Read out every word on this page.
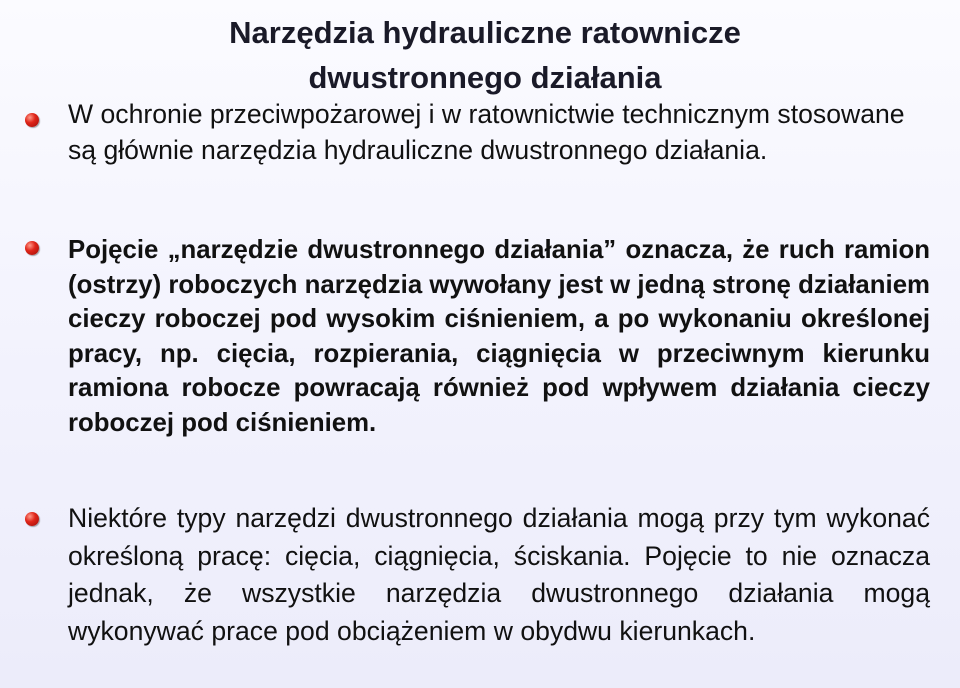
Narzędzia hydrauliczne ratownicze
dwustronnego działania
W ochronie przeciwpożarowej i w ratownictwie technicznym stosowane są głównie narzędzia hydrauliczne dwustronnego działania.
Pojęcie „narzędzie dwustronnego działania” oznacza, że ruch ramion (ostrzy) roboczych narzędzia wywołany jest w jedną stronę działaniem cieczy roboczej pod wysokim ciśnieniem, a po wykonaniu określonej pracy, np. cięcia, rozpierania, ciągnięcia w przeciwnym kierunku ramiona robocze powracają również pod wpływem działania cieczy roboczej pod ciśnieniem.
Niektóre typy narzędzi dwustronnego działania mogą przy tym wykonać określoną pracę: cięcia, ciągnięcia, ściskania. Pojęcie to nie oznacza jednak, że wszystkie narzędzia dwustronnego działania mogą wykonywać prace pod obciążeniem w obydwu kierunkach.
